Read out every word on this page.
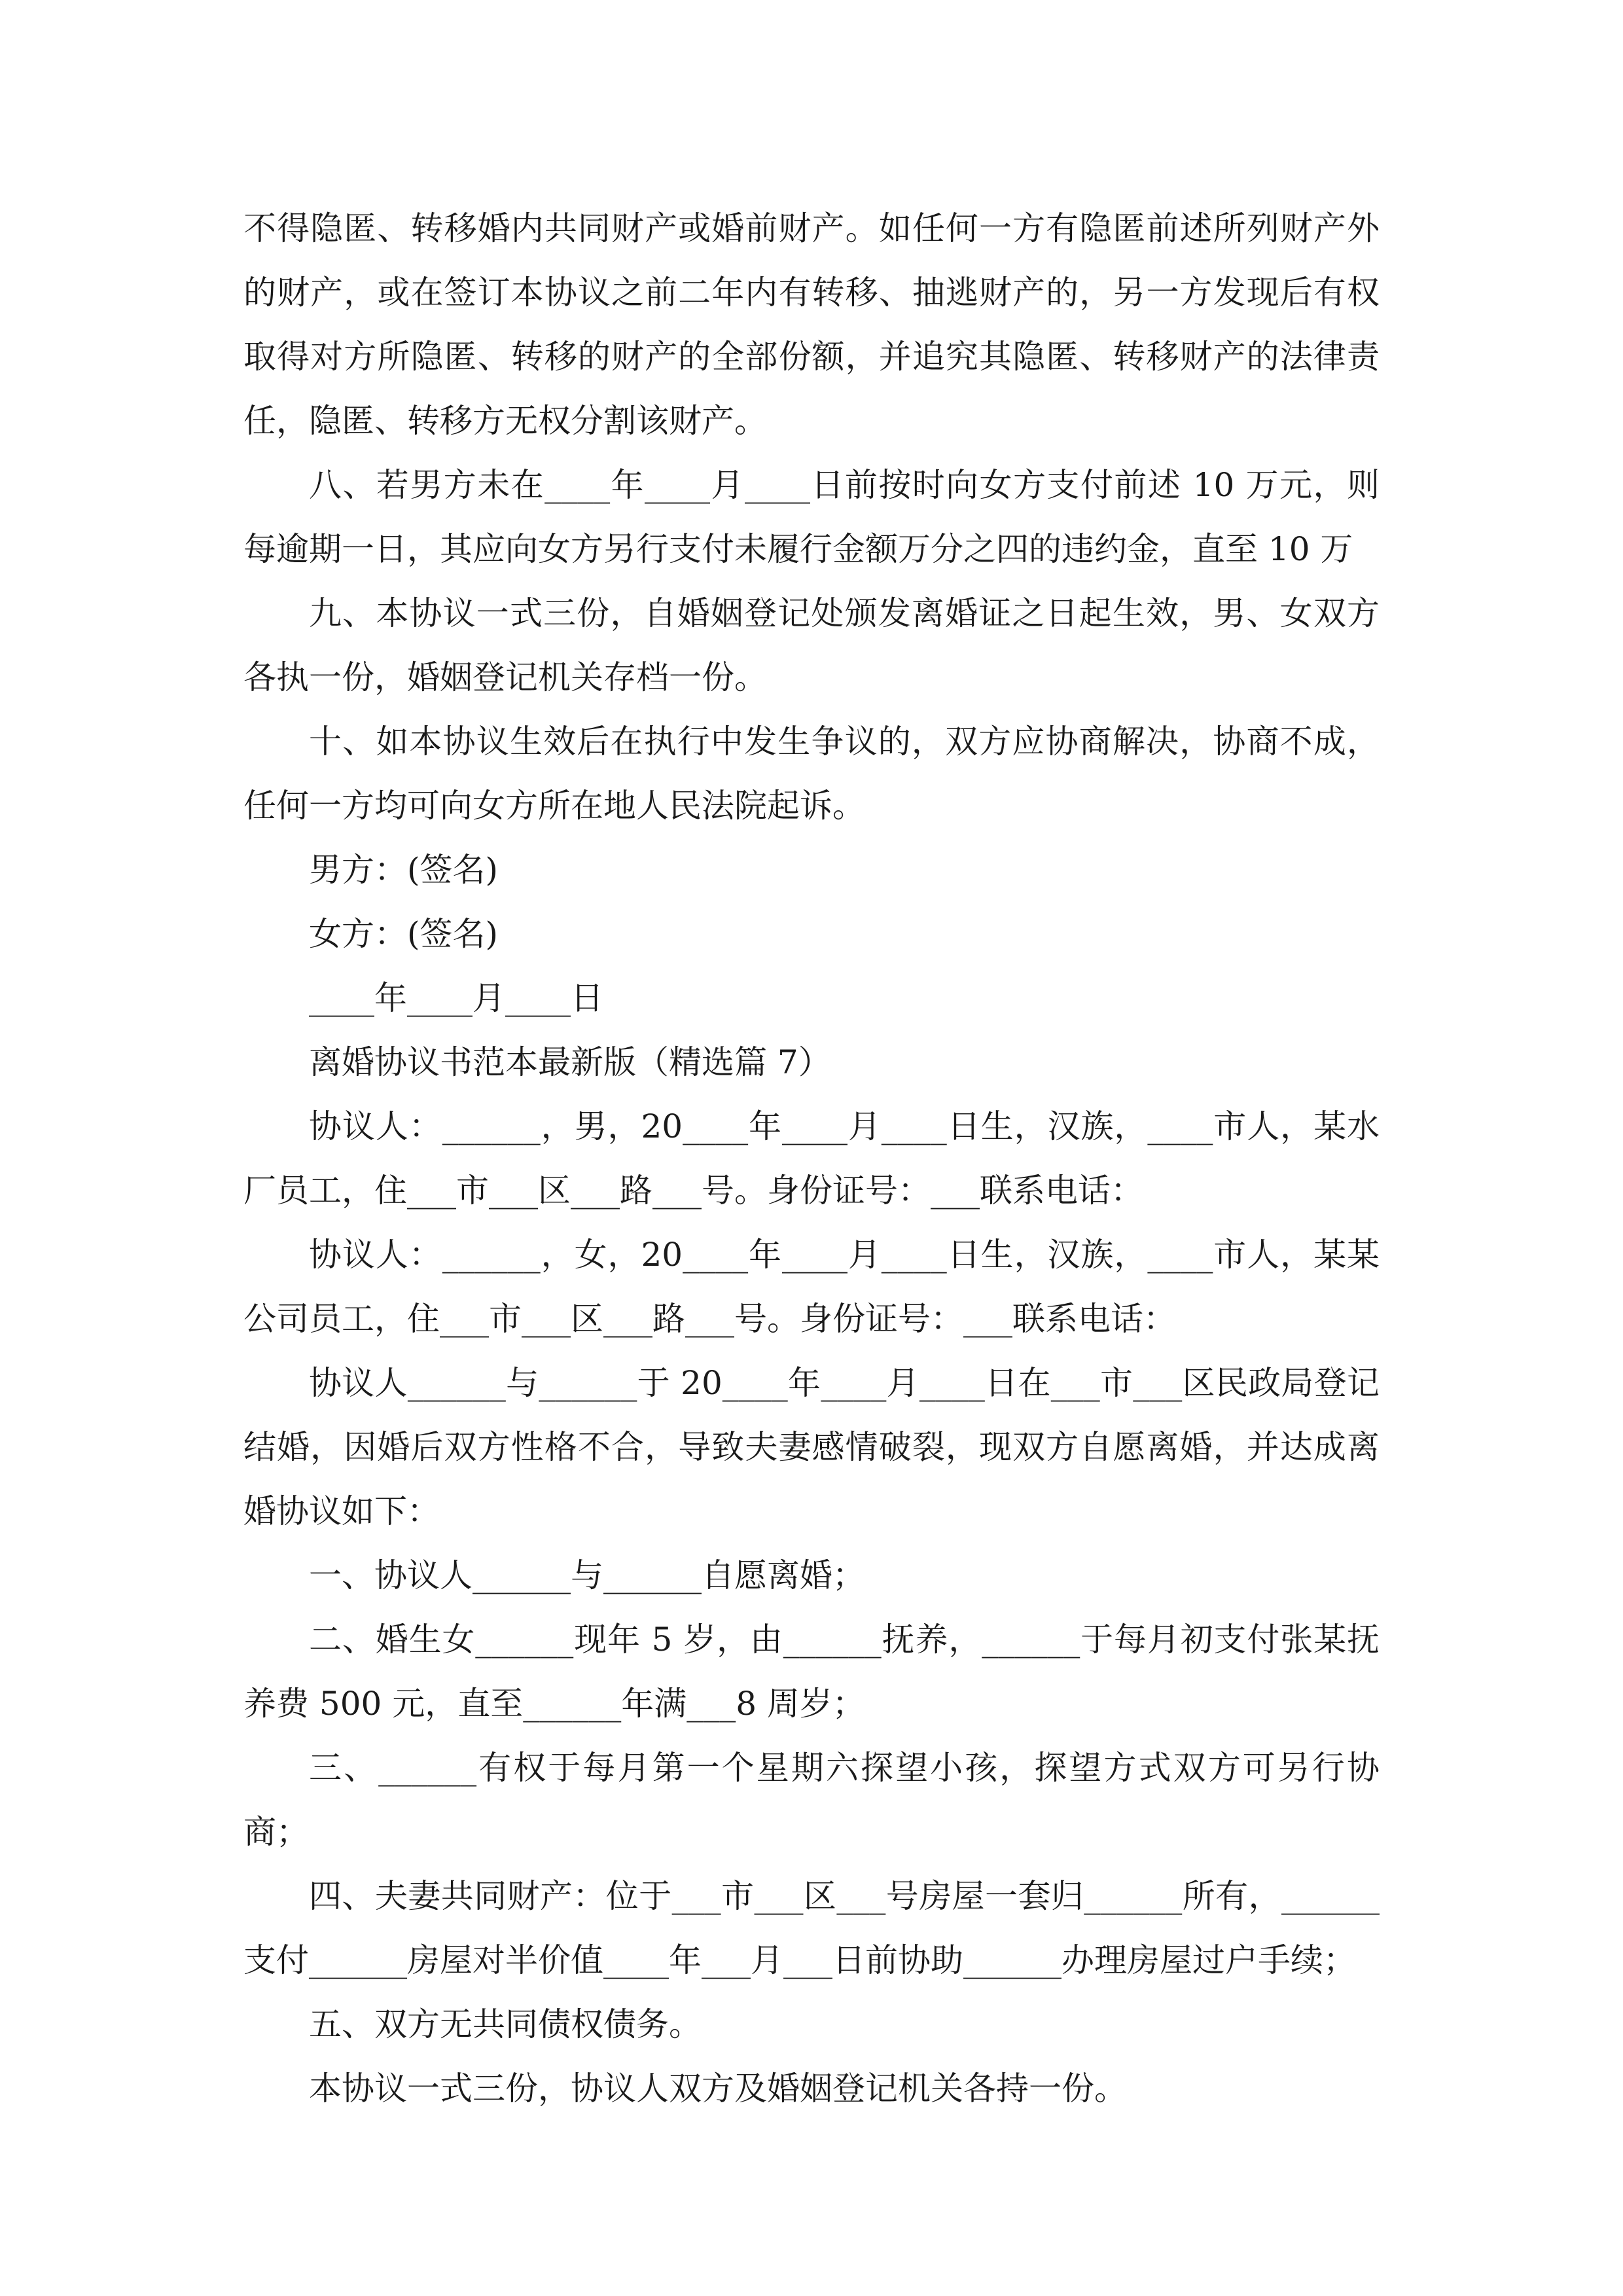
不得隐匿、转移婚内共同财产或婚前财产。如任何一方有隐匿前述所列财产外的财产，或在签订本协议之前二年内有转移、抽逃财产的，另一方发现后有权取得对方所隐匿、转移的财产的全部份额，并追究其隐匿、转移财产的法律责任，隐匿、转移方无权分割该财产。

八、若男方未在____年____月____日前按时向女方支付前述 10 万元，则每逾期一日，其应向女方另行支付未履行金额万分之四的违约金，直至 10 万

九、本协议一式三份，自婚姻登记处颁发离婚证之日起生效，男、女双方各执一份，婚姻登记机关存档一份。

十、如本协议生效后在执行中发生争议的，双方应协商解决，协商不成，任何一方均可向女方所在地人民法院起诉。

男方：(签名)

女方：(签名)

____年____月____日

离婚协议书范本最新版（精选篇 7）

协议人：______，男，20____年____月____日生，汉族，____市人，某水厂员工，住___市___区___路___号。身份证号：___联系电话：

协议人：______，女，20____年____月____日生，汉族，____市人，某某公司员工，住___市___区___路___号。身份证号：___联系电话：

协议人______与______于 20____年____月____日在___市___区民政局登记结婚，因婚后双方性格不合，导致夫妻感情破裂，现双方自愿离婚，并达成离婚协议如下：

一、协议人______与______自愿离婚；

二、婚生女______现年 5 岁，由______抚养，______于每月初支付张某抚养费 500 元，直至______年满___8 周岁；

三、______有权于每月第一个星期六探望小孩，探望方式双方可另行协商；

四、夫妻共同财产：位于___市___区___号房屋一套归______所有，______支付______房屋对半价值____年___月___日前协助______办理房屋过户手续；

五、双方无共同债权债务。

本协议一式三份，协议人双方及婚姻登记机关各持一份。
